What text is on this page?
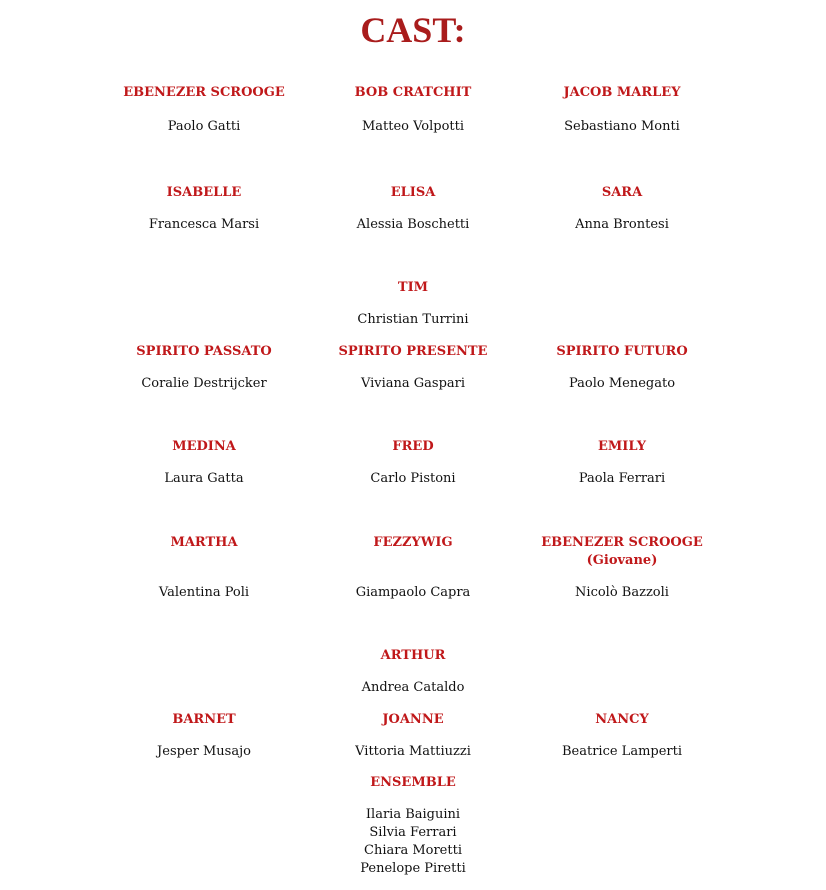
CAST:
EBENEZER SCROOGE
Paolo Gatti
BOB CRATCHIT
Matteo Volpotti
JACOB MARLEY
Sebastiano Monti
ISABELLE
Francesca Marsi
ELISA
Alessia Boschetti
SARA
Anna Brontesi
TIM
Christian Turrini
SPIRITO PASSATO
Coralie Destrijcker
SPIRITO PRESENTE
Viviana Gaspari
SPIRITO FUTURO
Paolo Menegato
MEDINA
Laura Gatta
FRED
Carlo Pistoni
EMILY
Paola Ferrari
MARTHA
Valentina Poli
FEZZYWIG
Giampaolo Capra
EBENEZER SCROOGE
(Giovane)
Nicolò Bazzoli
ARTHUR
Andrea Cataldo
BARNET
Jesper Musajo
JOANNE
Vittoria Mattiuzzi
NANCY
Beatrice Lamperti
ENSEMBLE
Ilaria Baiguini
Silvia Ferrari
Chiara Moretti
Penelope Piretti
